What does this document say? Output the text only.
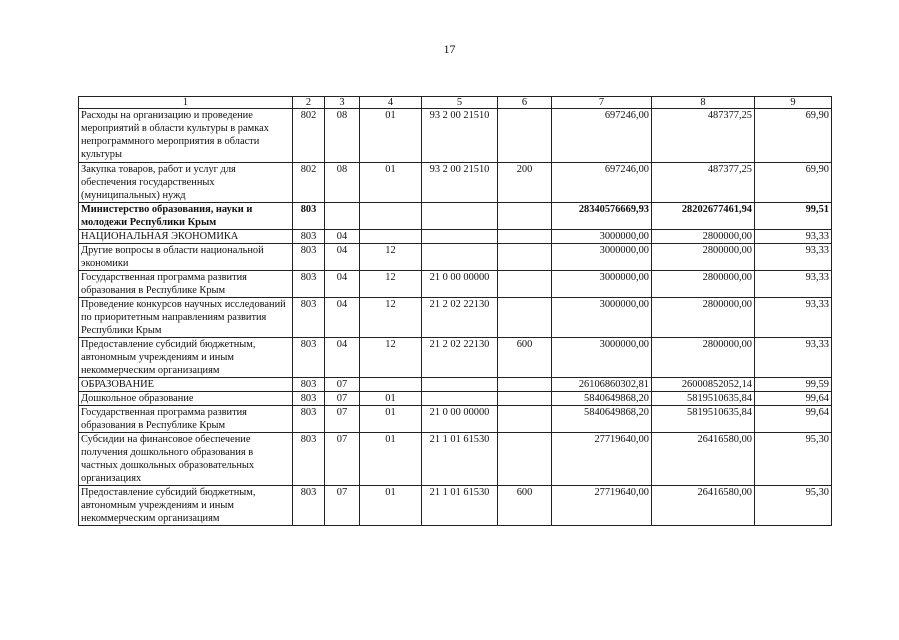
17
1	2	3	4	5	6	7	8	9
Расходы на организацию и проведение мероприятий в области культуры в рамках непрограммного мероприятия в области культуры	802	08	01	93 2 00 21510		697246,00	487377,25	69,90
Закупка товаров, работ и услуг для обеспечения государственных (муниципальных) нужд	802	08	01	93 2 00 21510	200	697246,00	487377,25	69,90
Министерство образования, науки и молодежи Республики Крым	803					28340576669,93	28202677461,94	99,51
НАЦИОНАЛЬНАЯ ЭКОНОМИКА	803	04				3000000,00	2800000,00	93,33
Другие вопросы в области национальной экономики	803	04	12			3000000,00	2800000,00	93,33
Государственная программа развития образования в Республике Крым	803	04	12	21 0 00 00000		3000000,00	2800000,00	93,33
Проведение конкурсов научных исследований по приоритетным направлениям развития Республики Крым	803	04	12	21 2 02 22130		3000000,00	2800000,00	93,33
Предоставление субсидий бюджетным, автономным учреждениям и иным некоммерческим организациям	803	04	12	21 2 02 22130	600	3000000,00	2800000,00	93,33
ОБРАЗОВАНИЕ	803	07				26106860302,81	26000852052,14	99,59
Дошкольное образование	803	07	01			5840649868,20	5819510635,84	99,64
Государственная программа развития образования в Республике Крым	803	07	01	21 0 00 00000		5840649868,20	5819510635,84	99,64
Субсидии на финансовое обеспечение получения дошкольного образования в частных дошкольных образовательных организациях	803	07	01	21 1 01 61530		27719640,00	26416580,00	95,30
Предоставление субсидий бюджетным, автономным учреждениям и иным некоммерческим организациям	803	07	01	21 1 01 61530	600	27719640,00	26416580,00	95,30
